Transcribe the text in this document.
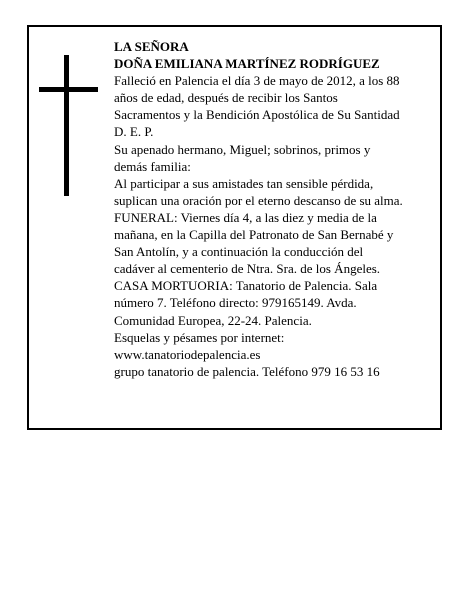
LA SEÑORA
DOÑA EMILIANA MARTÍNEZ RODRÍGUEZ
Falleció en Palencia el día 3 de mayo de 2012, a los 88
años de edad, después de recibir los Santos
Sacramentos y la Bendición Apostólica de Su Santidad
D. E. P.
Su apenado hermano, Miguel; sobrinos, primos y
demás familia:
Al participar a sus amistades tan sensible pérdida,
suplican una oración por el eterno descanso de su alma.
FUNERAL: Viernes día 4, a las diez y media de la
mañana, en la Capilla del Patronato de San Bernabé y
San Antolín, y a continuación la conducción del
cadáver al cementerio de Ntra. Sra. de los Ángeles.
CASA MORTUORIA: Tanatorio de Palencia. Sala
número 7. Teléfono directo: 979165149. Avda.
Comunidad Europea, 22-24. Palencia.
Esquelas y pésames por internet:
www.tanatoriodepalencia.es
grupo tanatorio de palencia. Teléfono 979 16 53 16
